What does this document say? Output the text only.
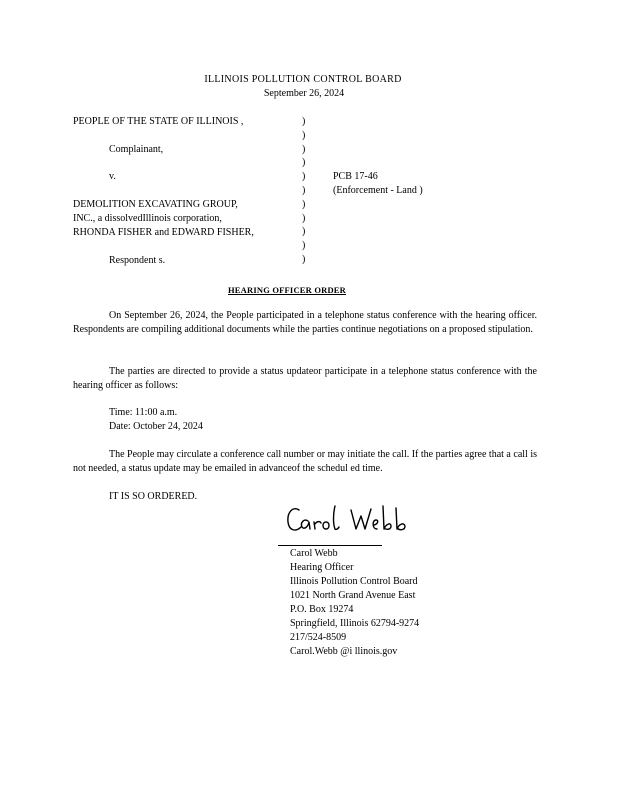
ILLINOIS POLLUTION CONTROL BOARD
September 26, 2024
PEOPLE OF THE STATE OF ILLINOIS ,
Complainant,
v.
DEMOLITION EXCAVATING GROUP,
INC., a dissolvedIllinois corporation,
RHONDA FISHER and EDWARD FISHER,
Respondent s.
)
)
)
)
)
)
)
)
)
)
)
PCB 17-46
(Enforcement - Land )
HEARING OFFICER ORDER
On September 26, 2024, the People participated in a telephone status conference with the hearing officer. Respondents are compiling additional documents while the parties continue negotiations on a proposed stipulation.
The parties are directed to provide a status updateor participate in a telephone status conference with the hearing officer as follows:
Time: 11:00 a.m.
Date: October 24, 2024
The People may circulate a conference call number or may initiate the call. If the parties agree that a call is not needed, a status update may be emailed in advanceof the schedul ed time.
IT IS SO ORDERED.
Carol Webb
Hearing Officer
Illinois Pollution Control Board
1021 North Grand Avenue East
P.O. Box 19274
Springfield, Illinois 62794-9274
217/524-8509
Carol.Webb @i llinois.gov
